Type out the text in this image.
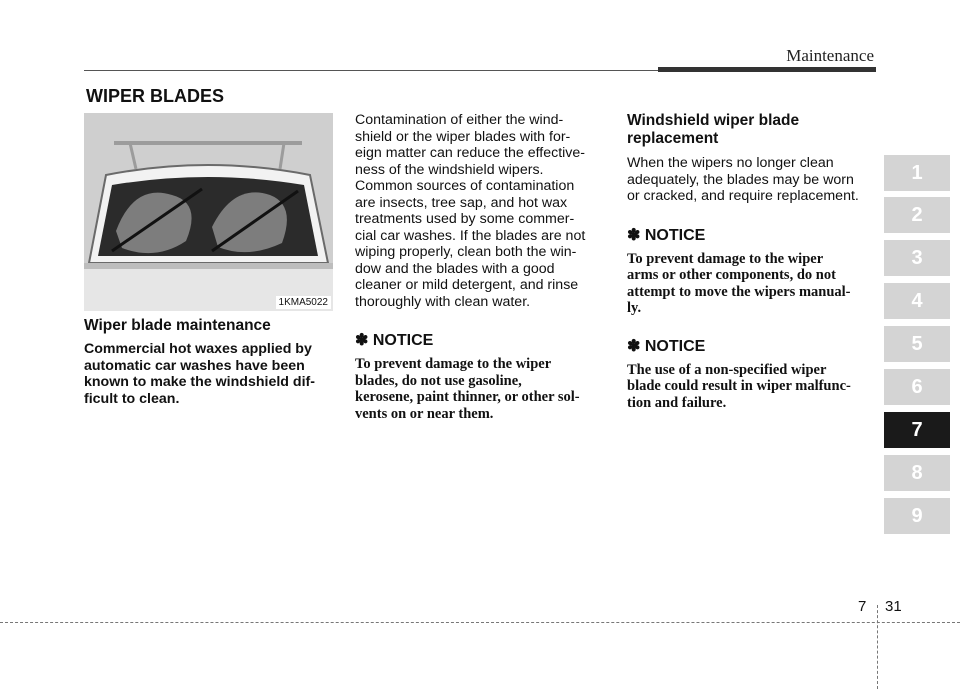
Maintenance
WIPER BLADES
1KMA5022
Wiper blade maintenance
Commercial hot waxes applied by
automatic car washes have been
known to make the windshield dif-
ficult to clean.
Contamination of either the wind-
shield or the wiper blades with for-
eign matter can reduce the effective-
ness of the windshield wipers.
Common sources of contamination
are insects, tree sap, and hot wax
treatments used by some commer-
cial car washes. If the blades are not
wiping properly, clean both the win-
dow and the blades with a good
cleaner or mild detergent, and rinse
thoroughly with clean water.
✽ NOTICE
To prevent damage to the wiper
blades, do not use gasoline,
kerosene, paint thinner, or other sol-
vents on or near them.
Windshield wiper blade
replacement
When the wipers no longer clean
adequately, the blades may be worn
or cracked, and require replacement.
✽ NOTICE
To prevent damage to the wiper
arms or other components, do not
attempt to move the wipers manual-
ly.
✽ NOTICE
The use of a non-specified wiper
blade could result in wiper malfunc-
tion and failure.
1
2
3
4
5
6
7
8
9
7 31
